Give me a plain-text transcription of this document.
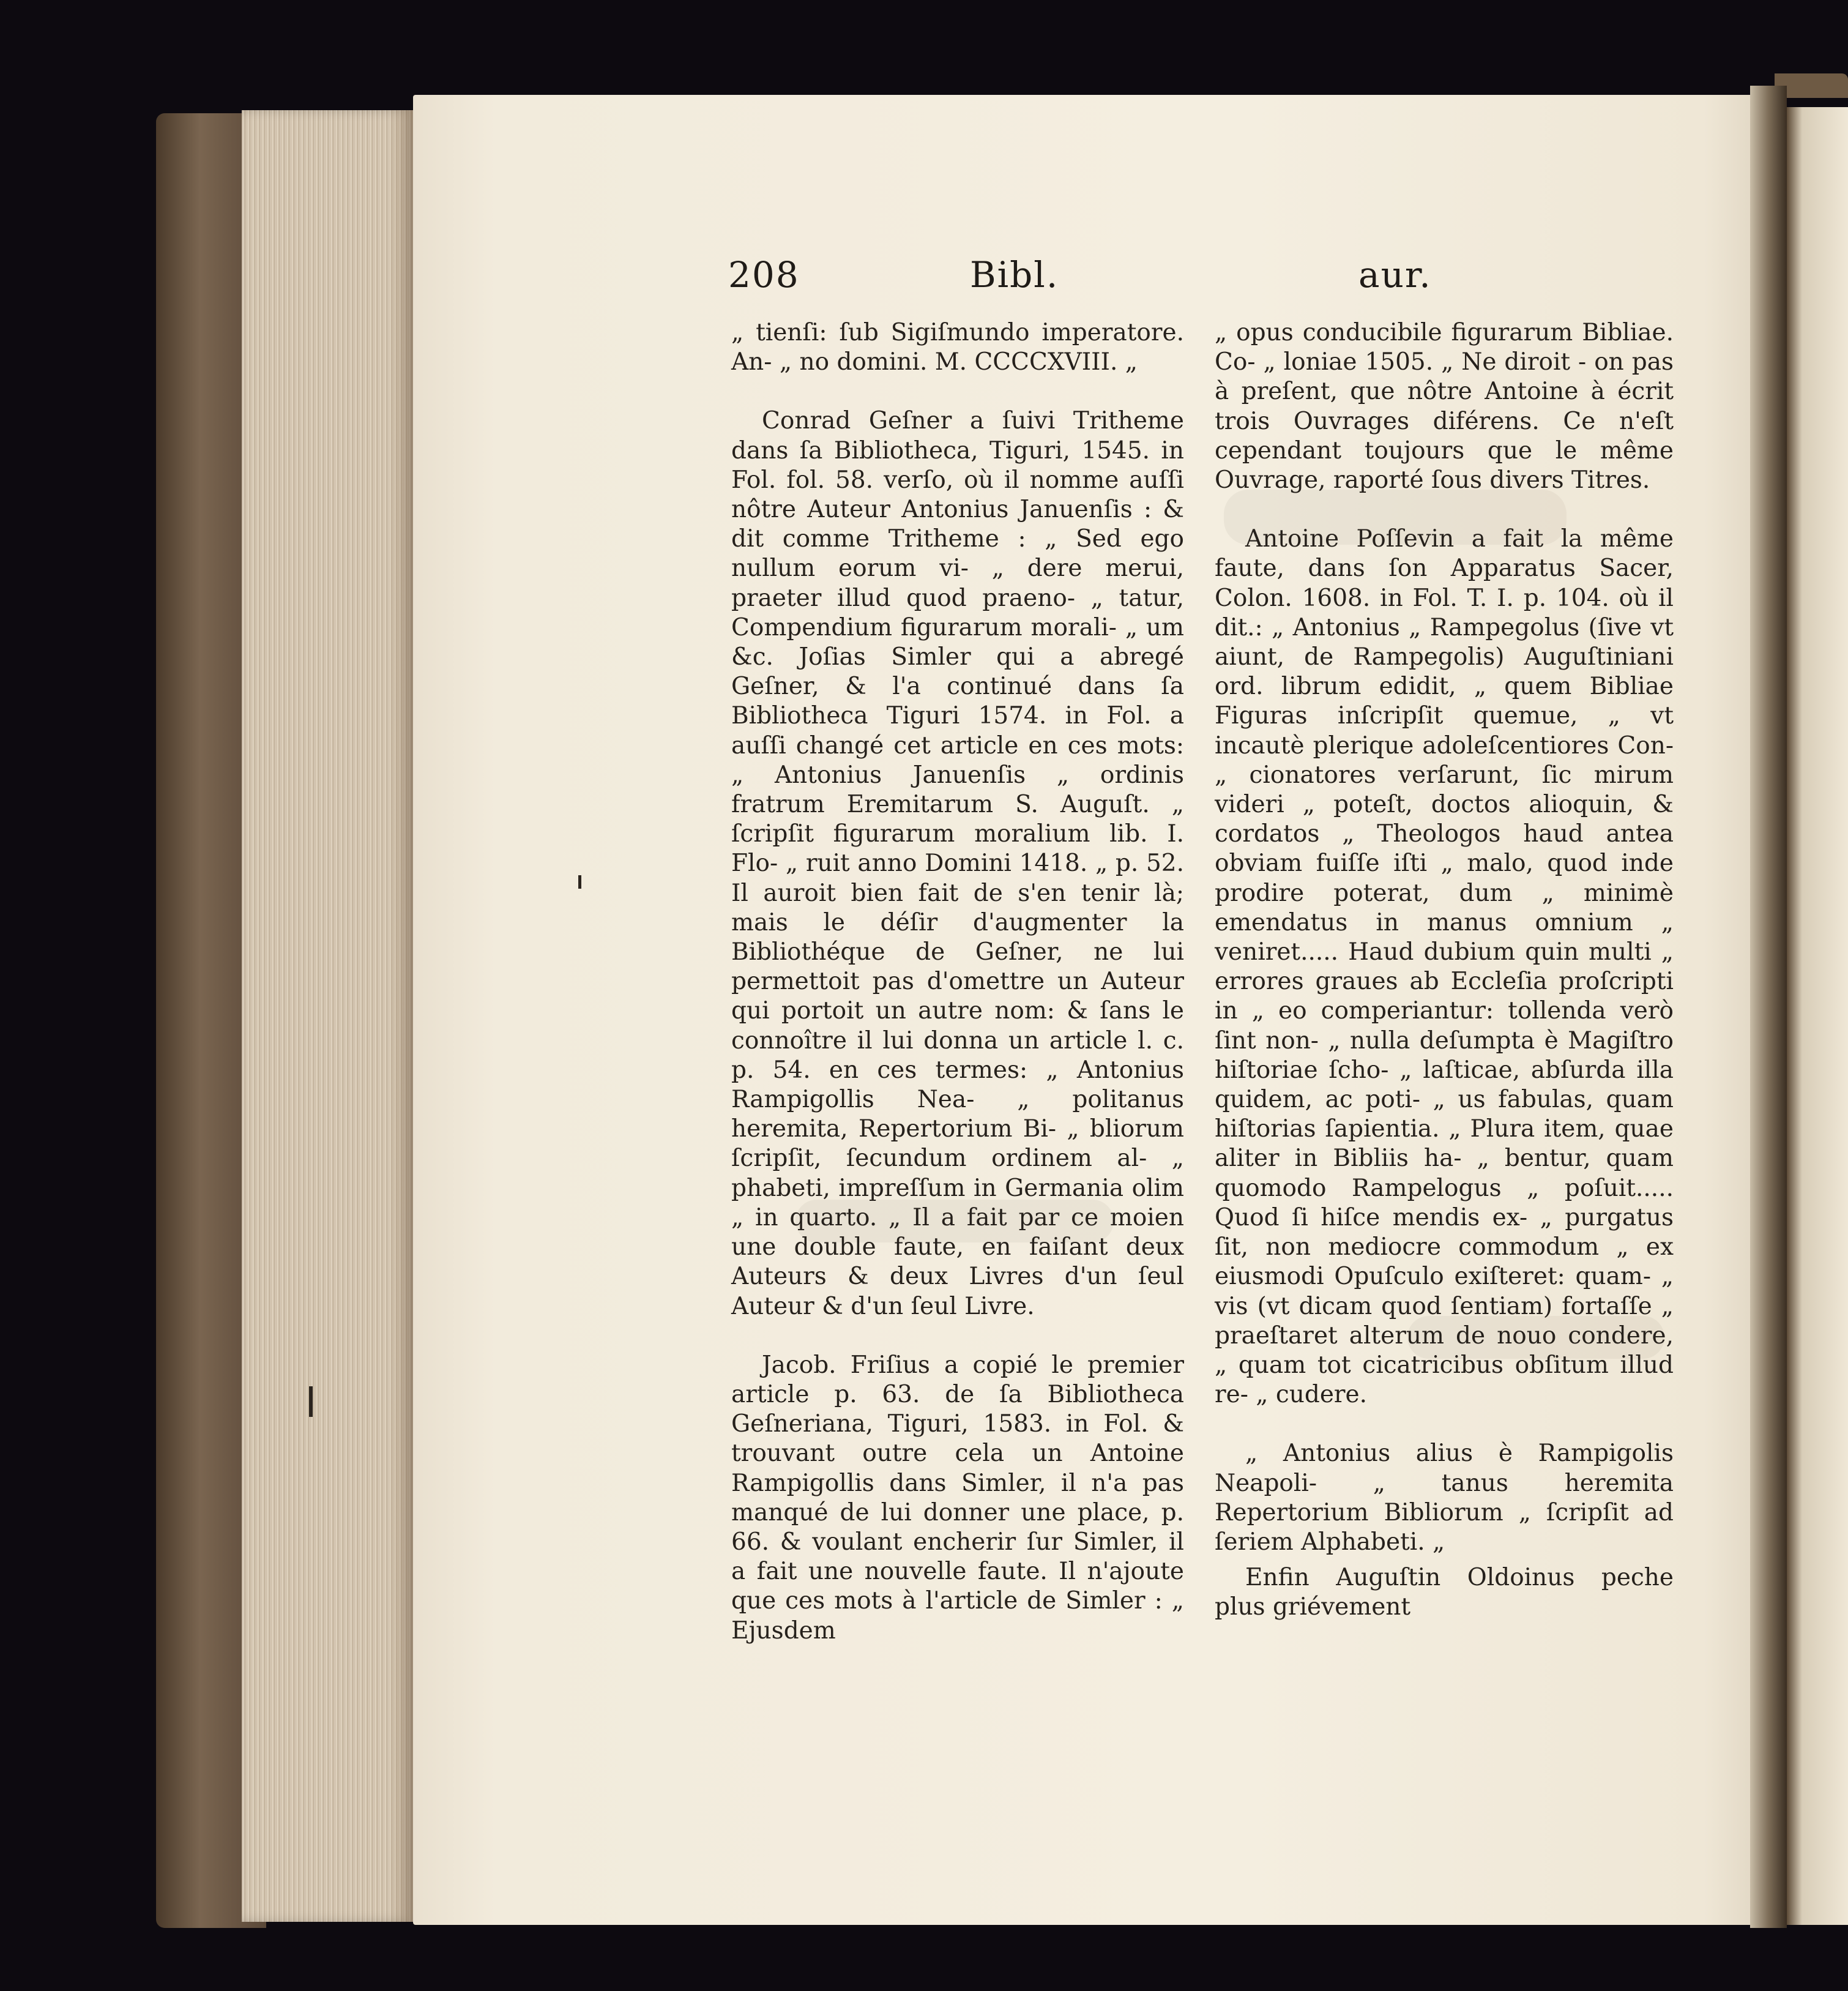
208	Bibl.	aur.

„ tienſi: ſub Sigiſmundo imperatore. An- „ no domini. M. CCCCXVIII. „

Conrad Geſner a ſuivi Tritheme dans ſa Bibliotheca, Tiguri, 1545. in Fol. fol. 58. verſo, où il nomme auſſi nôtre Auteur Antonius Januenſis : & dit comme Tritheme : „ Sed ego nullum eorum vi- „ dere merui, praeter illud quod praeno- „ tatur, Compendium figurarum morali- „ um &c. Joſias Simler qui a abregé Geſner, & l'a continué dans ſa Bibliotheca Tiguri 1574. in Fol. a auſſi changé cet article en ces mots: „ Antonius Januenſis „ ordinis fratrum Eremitarum S. Auguſt. „ ſcripſit figurarum moralium lib. I. Flo- „ ruit anno Domini 1418. „ p. 52. Il auroit bien fait de s'en tenir là; mais le déſir d'augmenter la Bibliothéque de Geſner, ne lui permettoit pas d'omettre un Auteur qui portoit un autre nom: & ſans le connoître il lui donna un article l. c. p. 54. en ces termes: „ Antonius Rampigollis Nea- „ politanus heremita, Repertorium Bi- „ bliorum ſcripſit, ſecundum ordinem al- „ phabeti, impreſſum in Germania olim „ in quarto. „ Il a fait par ce moien une double faute, en faiſant deux Auteurs & deux Livres d'un ſeul Auteur & d'un ſeul Livre.

Jacob. Friſius a copié le premier article p. 63. de ſa Bibliotheca Geſneriana, Tiguri, 1583. in Fol. & trouvant outre cela un Antoine Rampigollis dans Simler, il n'a pas manqué de lui donner une place, p. 66. & voulant encherir ſur Simler, il a fait une nouvelle faute. Il n'ajoute que ces mots à l'article de Simler : „ Ejusdem

„ opus conducibile figurarum Bibliae. Co- „ loniae 1505. „ Ne diroit - on pas à preſent, que nôtre Antoine à écrit trois Ouvrages diférens. Ce n'eſt cependant toujours que le même Ouvrage, raporté ſous divers Titres.

Antoine Poſſevin a fait la même faute, dans ſon Apparatus Sacer, Colon. 1608. in Fol. T. I. p. 104. où il dit.: „ Antonius „ Rampegolus (ſive vt aiunt, de Rampegolis) Auguſtiniani ord. librum edidit, „ quem Bibliae Figuras inſcripſit quemue, „ vt incautè plerique adoleſcentiores Con- „ cionatores verſarunt, ſic mirum videri „ poteſt, doctos alioquin, & cordatos „ Theologos haud antea obviam fuiſſe iſti „ malo, quod inde prodire poterat, dum „ minimè emendatus in manus omnium „ veniret..... Haud dubium quin multi „ errores graues ab Eccleſia proſcripti in „ eo comperiantur: tollenda verò ſint non- „ nulla deſumpta è Magiſtro hiſtoriae ſcho- „ laſticae, abſurda illa quidem, ac poti- „ us fabulas, quam hiſtorias ſapientia. „ Plura item, quae aliter in Bibliis ha- „ bentur, quam quomodo Rampelogus „ poſuit..... Quod ſi hiſce mendis ex- „ purgatus ſit, non mediocre commodum „ ex eiusmodi Opuſculo exiſteret: quam- „ vis (vt dicam quod ſentiam) fortaſſe „ praeſtaret alterum de nouo condere, „ quam tot cicatricibus obſitum illud re- „ cudere.

„ Antonius alius è Rampigolis Neapoli- „ tanus heremita Repertorium Bibliorum „ ſcripſit ad ſeriem Alphabeti. „

Enfin Auguſtin Oldoinus peche plus griévement
